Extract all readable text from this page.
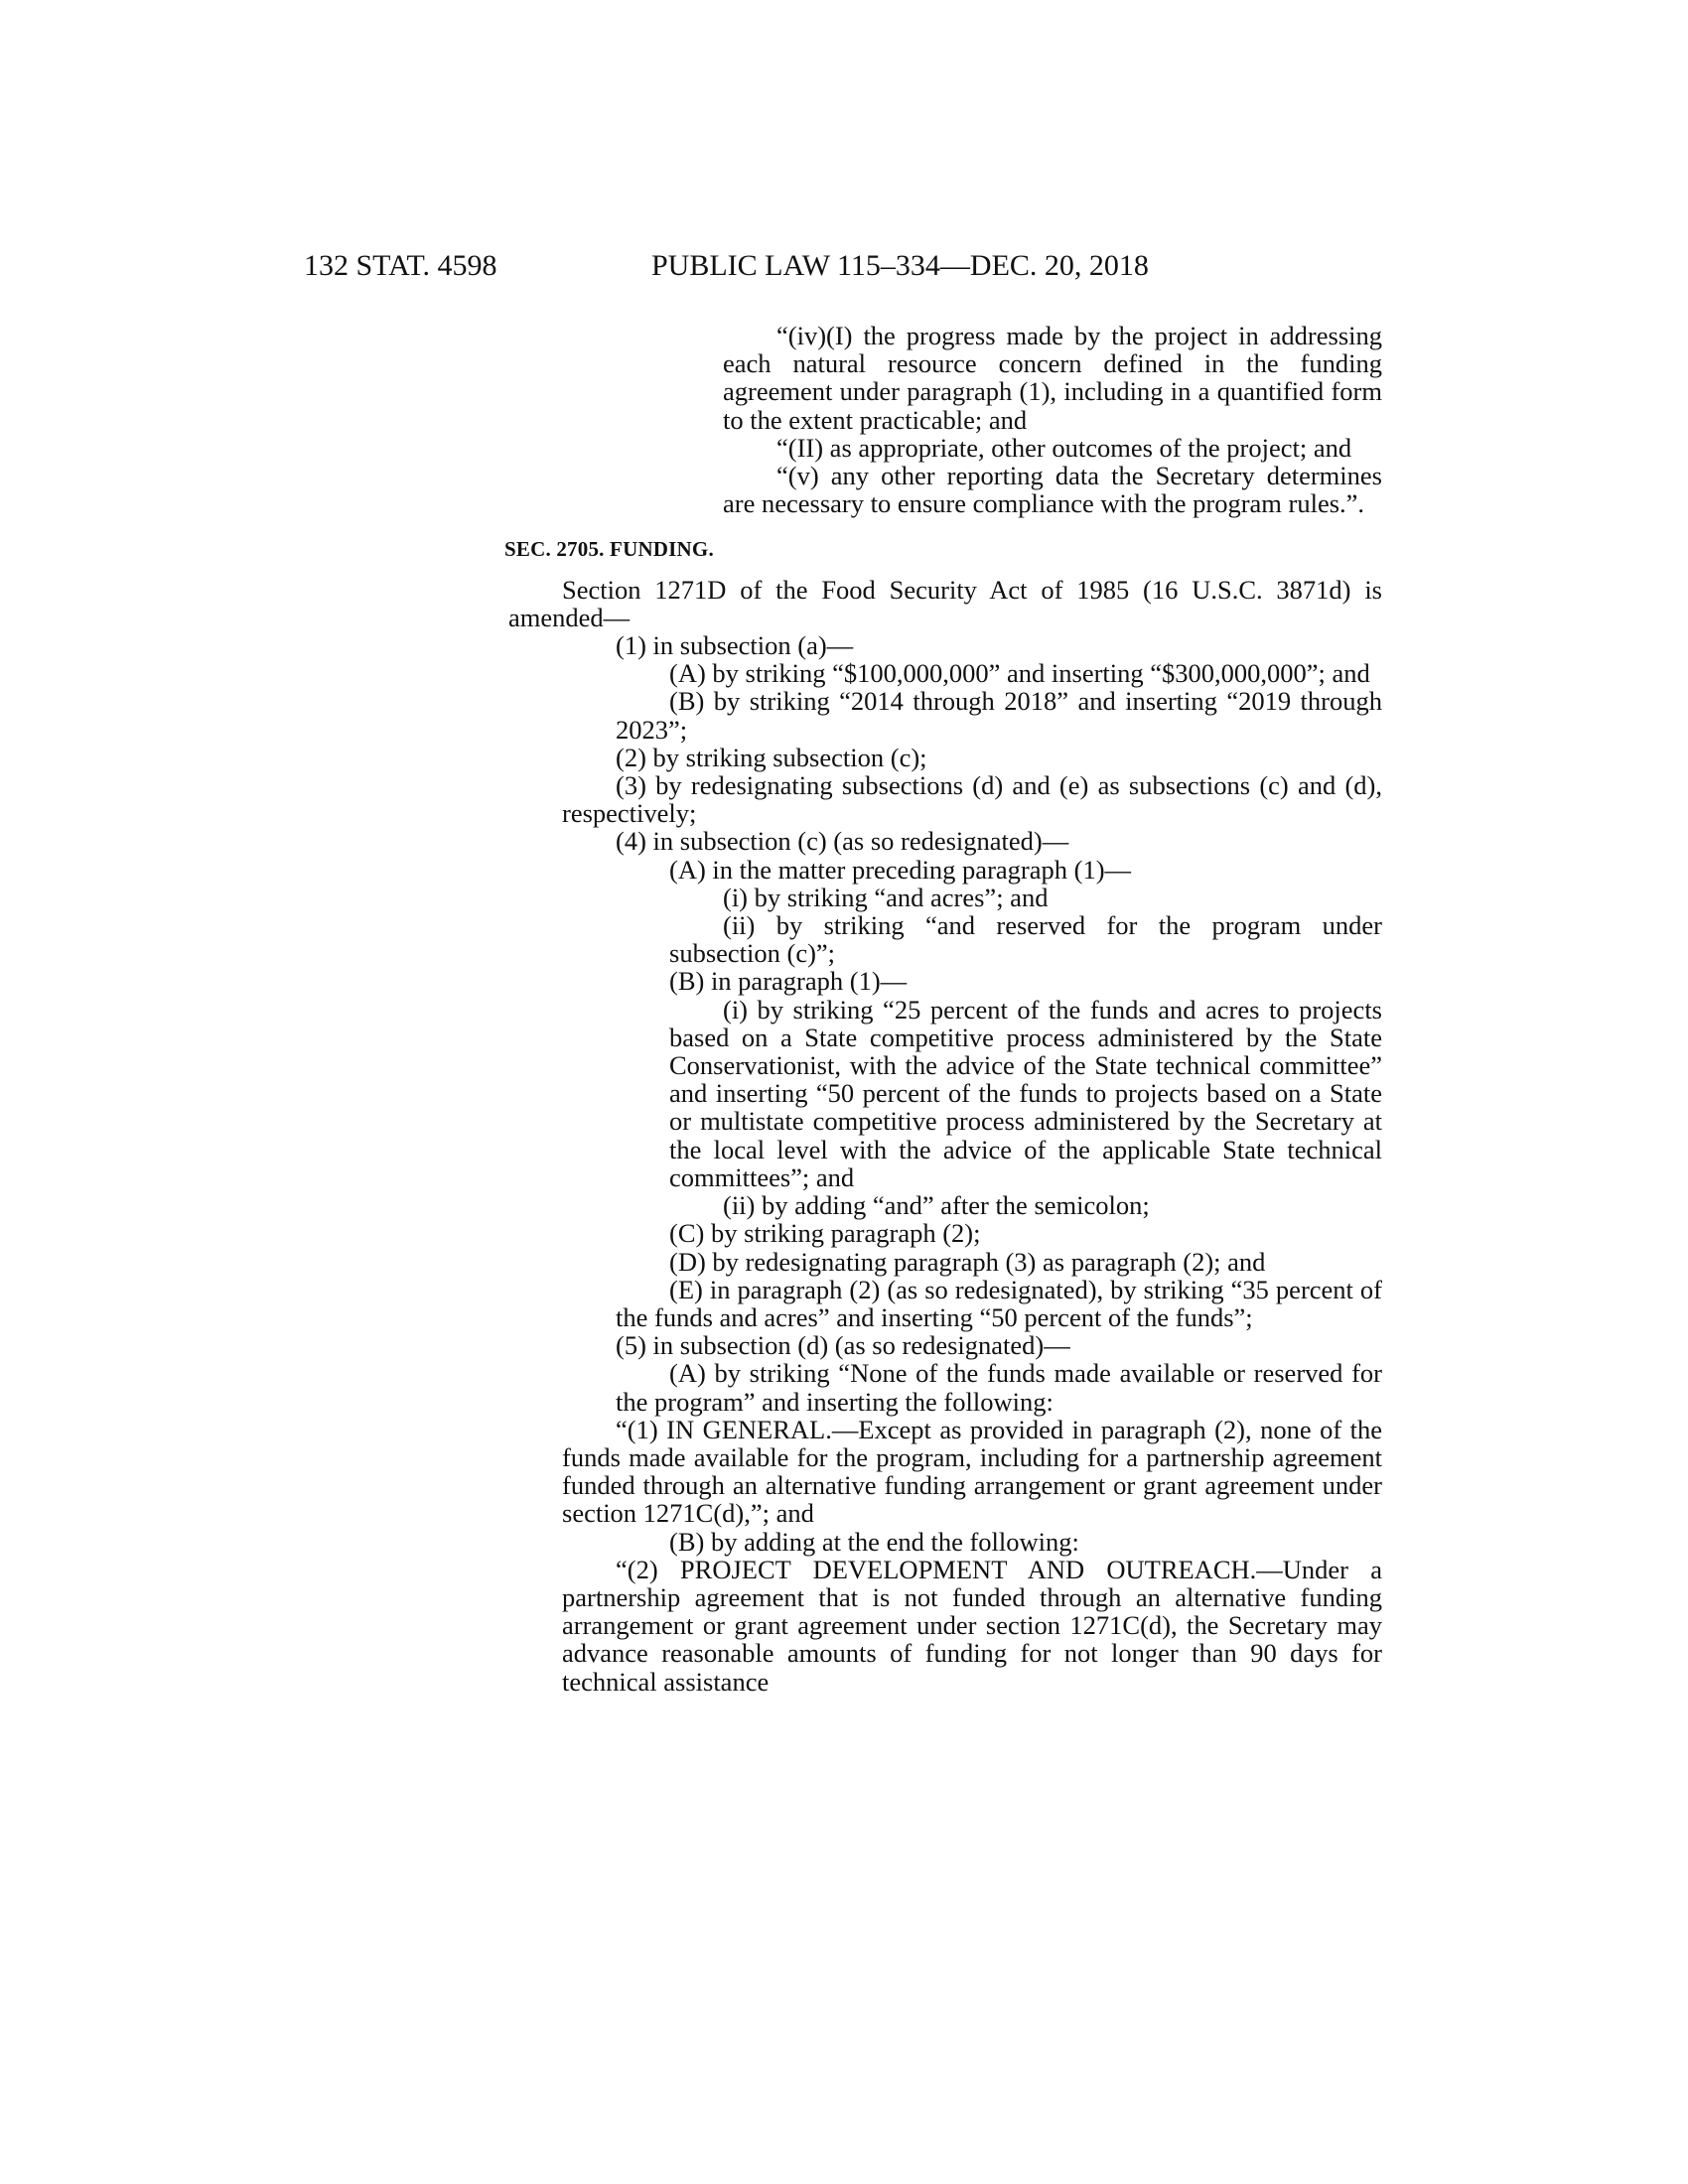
132 STAT. 4598	PUBLIC LAW 115–334—DEC. 20, 2018

“(iv)(I) the progress made by the project in addressing each natural resource concern defined in the funding agreement under paragraph (1), including in a quantified form to the extent practicable; and

“(II) as appropriate, other outcomes of the project; and

“(v) any other reporting data the Secretary determines are necessary to ensure compliance with the program rules.”.

SEC. 2705. FUNDING.

Section 1271D of the Food Security Act of 1985 (16 U.S.C. 3871d) is amended—

(1) in subsection (a)—

(A) by striking “$100,000,000” and inserting “$300,000,000”; and

(B) by striking “2014 through 2018” and inserting “2019 through 2023”;

(2) by striking subsection (c);

(3) by redesignating subsections (d) and (e) as subsections (c) and (d), respectively;

(4) in subsection (c) (as so redesignated)—

(A) in the matter preceding paragraph (1)—

(i) by striking “and acres”; and

(ii) by striking “and reserved for the program under subsection (c)”;

(B) in paragraph (1)—

(i) by striking “25 percent of the funds and acres to projects based on a State competitive process administered by the State Conservationist, with the advice of the State technical committee” and inserting “50 percent of the funds to projects based on a State or multistate competitive process administered by the Secretary at the local level with the advice of the applicable State technical committees”; and

(ii) by adding “and” after the semicolon;

(C) by striking paragraph (2);

(D) by redesignating paragraph (3) as paragraph (2); and

(E) in paragraph (2) (as so redesignated), by striking “35 percent of the funds and acres” and inserting “50 percent of the funds”;

(5) in subsection (d) (as so redesignated)—

(A) by striking “None of the funds made available or reserved for the program” and inserting the following:

“(1) IN GENERAL.—Except as provided in paragraph (2), none of the funds made available for the program, including for a partnership agreement funded through an alternative funding arrangement or grant agreement under section 1271C(d),”; and

(B) by adding at the end the following:

“(2) PROJECT DEVELOPMENT AND OUTREACH.—Under a partnership agreement that is not funded through an alternative funding arrangement or grant agreement under section 1271C(d), the Secretary may advance reasonable amounts of funding for not longer than 90 days for technical assistance
